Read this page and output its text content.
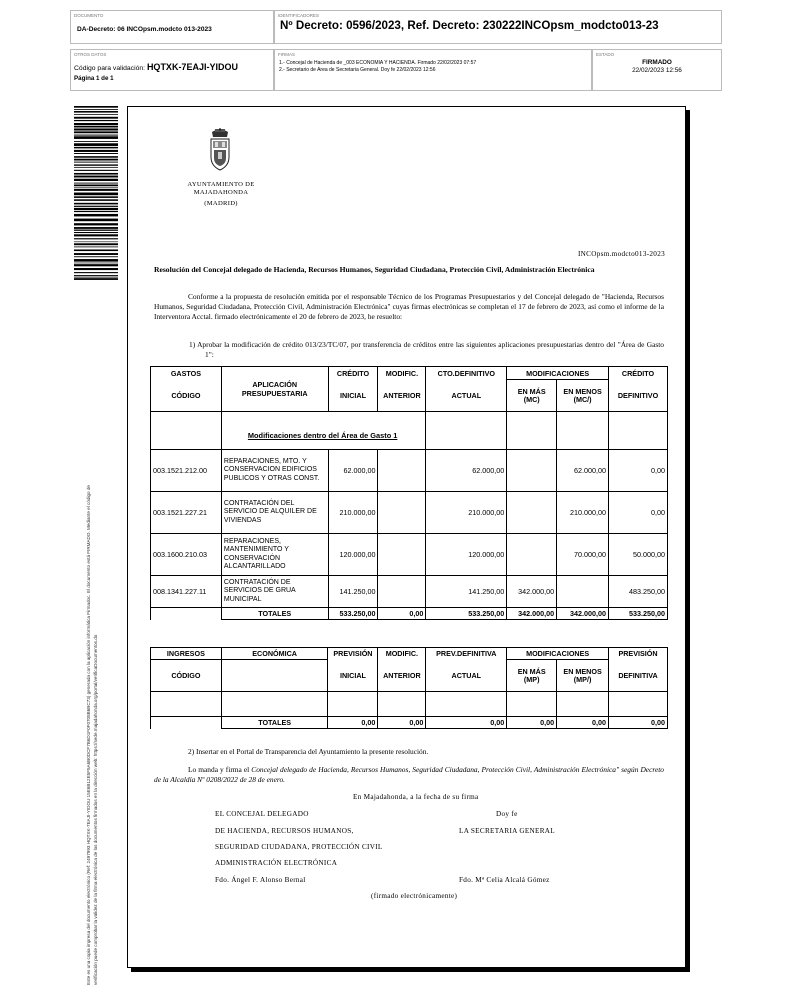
DOCUMENTO
DA-Decreto: 06 INCOpsm.modcto 013-2023
IDENTIFICADORES
Nº Decreto: 0596/2023, Ref. Decreto: 230222INCOpsm_modcto013-23
OTROS DATOS
Código para validación: HQTXK-7EAJI-YIDOU
Página 1 de 1
FIRMAS
1.- Concejal de Hacienda de _003 ECONOMIA Y HACIENDA. Firmado 22/02/2023 07:57
2.- Secretario de Area de Secretaria General. Doy fe 22/02/2023 12:56
ESTADO
FIRMADO
22/02/2023 12:56
Este es una copia impresa del documento electrónico (Ref: 2497993 HQTXK-7EAJI-YIDOU 15E6B12E5F5A6B0DCF7B6D1F0F0708B6BC73) generada con la aplicación informática Firmadoc. El documento está FIRMADO. Mediante el código de verificación puede comprobar la validez de la firma electrónica de los documentos firmados en la dirección web: https://sede.majadahonda.org/portal/verificaDocumentos.do
AYUNTAMIENTO DE
MAJADAHONDA
(MADRID)
INCOpsm.modcto013-2023
Resolución del Concejal delegado de Hacienda, Recursos Humanos, Seguridad Ciudadana, Protección Civil, Administración Electrónica
Conforme a la propuesta de resolución emitida por el responsable Técnico de los Programas Presupuestarios y del Concejal delegado de "Hacienda, Recursos Humanos, Seguridad Ciudadana, Protección Civil, Administración Electrónica" cuyas firmas electrónicas se completan el 17 de febrero de 2023, así como el informe de la Interventora Acctal. firmado electrónicamente el 20 de febrero de 2023, he resuelto:
1) Aprobar la modificación de crédito 013/23/TC/07, por transferencia de créditos entre las siguientes aplicaciones presupuestarias dentro del "Área de Gasto 1":
GASTOS	APLICACIÓN PRESUPUESTARIA	CRÉDITO	MODIFIC.	CTO.DEFINITIVO	MODIFICACIONES		CRÉDITO
CÓDIGO		INICIAL	ANTERIOR	ACTUAL	EN MÁS (MC)	EN MENOS (MC/)	DEFINITIVO
	Modificaciones dentro del Área de Gasto 1						
003.1521.212.00	REPARACIONES, MTO. Y CONSERVACION EDIFICIOS PUBLICOS Y OTRAS CONST.	62.000,00		62.000,00		62.000,00	0,00
003.1521.227.21	CONTRATACIÓN DEL SERVICIO DE ALQUILER DE VIVIENDAS	210.000,00		210.000,00		210.000,00	0,00
003.1600.210.03	REPARACIONES, MANTENIMIENTO Y CONSERVACIÓN ALCANTARILLADO	120.000,00		120.000,00		70.000,00	50.000,00
008.1341.227.11	CONTRATACIÓN DE SERVICIOS DE GRUA MUNICIPAL	141.250,00		141.250,00	342.000,00		483.250,00
	TOTALES	533.250,00	0,00	533.250,00	342.000,00	342.000,00	533.250,00
INGRESOS	ECONÓMICA	PREVISIÓN	MODIFIC.	PREV.DEFINITIVA	MODIFICACIONES		PREVISIÓN
CÓDIGO		INICIAL	ANTERIOR	ACTUAL	EN MÁS (MP)	EN MENOS (MP/)	DEFINITIVA

	TOTALES	0,00	0,00	0,00	0,00	0,00	0,00
2) Insertar en el Portal de Transparencia del Ayuntamiento la presente resolución.
Lo manda y firma el Concejal delegado de Hacienda, Recursos Humanos, Seguridad Ciudadana, Protección Civil, Administración Electrónica" según Decreto de la Alcaldía Nº 0208/2022 de 28 de enero.
En Majadahonda, a la fecha de su firma
EL CONCEJAL DELEGADO	Doy fe
DE HACIENDA, RECURSOS HUMANOS,	LA SECRETARIA GENERAL
SEGURIDAD CIUDADANA, PROTECCIÓN CIVIL
ADMINISTRACIÓN ELECTRÓNICA
Fdo. Ángel F. Alonso Bernal	Fdo. Mª Celia Alcalá Gómez
(firmado electrónicamente)
